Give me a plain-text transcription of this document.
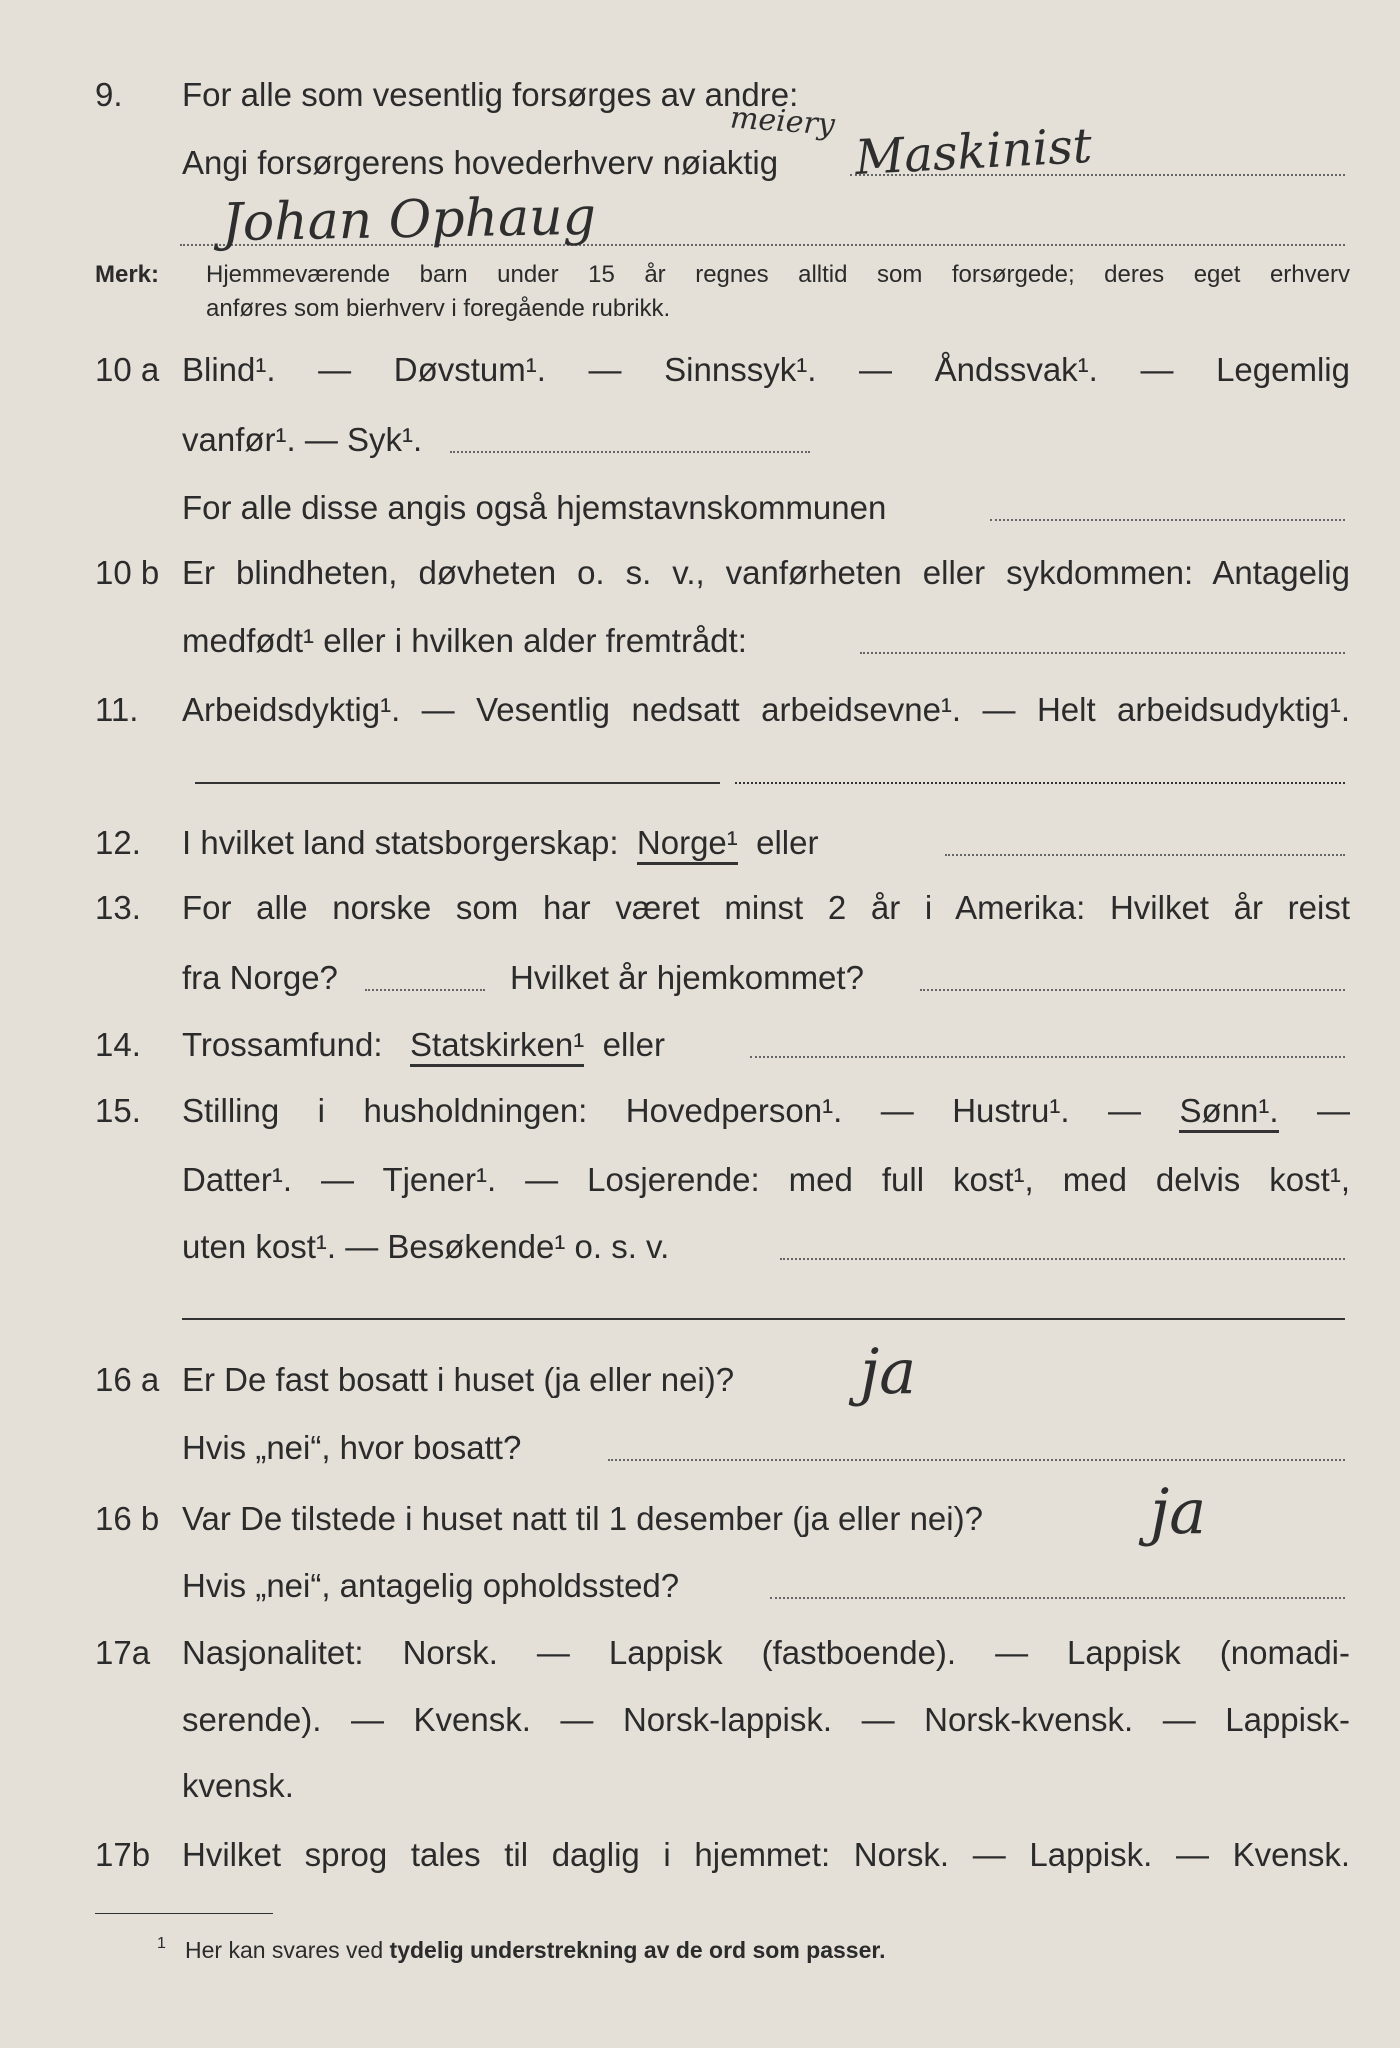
9. For alle som vesentlig forsørges av andre:
Angi forsørgerens hovederhverv nøiaktig
meiery Maskinist
Johan Ophaug
Merk: Hjemmeværende barn under 15 år regnes alltid som forsørgede; deres eget erhverv
anføres som bierhverv i foregående rubrikk.
10 a Blind¹. — Døvstum¹. — Sinnssyk¹. — Åndssvak¹. — Legemlig
vanfør¹. — Syk¹.
For alle disse angis også hjemstavnskommunen
10 b Er blindheten, døvheten o. s. v., vanførheten eller sykdommen: Antagelig
medfødt¹ eller i hvilken alder fremtrådt:
11. Arbeidsdyktig¹. — Vesentlig nedsatt arbeidsevne¹. — Helt arbeidsudyktig¹.
12. I hvilket land statsborgerskap: Norge¹ eller
13. For alle norske som har været minst 2 år i Amerika: Hvilket år reist
fra Norge?	Hvilket år hjemkommet?
14. Trossamfund: Statskirken¹ eller
15. Stilling i husholdningen: Hovedperson¹. — Hustru¹. — Sønn¹. —
Datter¹. — Tjener¹. — Losjerende: med full kost¹, med delvis kost¹,
uten kost¹. — Besøkende¹ o. s. v.
16 a Er De fast bosatt i huset (ja eller nei)? ja
Hvis „nei“, hvor bosatt?
16 b Var De tilstede i huset natt til 1 desember (ja eller nei)?	ja
Hvis „nei“, antagelig opholdssted?
17a Nasjonalitet: Norsk. — Lappisk (fastboende). — Lappisk (nomadi-
serende). — Kvensk. — Norsk-lappisk. — Norsk-kvensk. — Lappisk-
kvensk.
17b Hvilket sprog tales til daglig i hjemmet: Norsk. — Lappisk. — Kvensk.
1 Her kan svares ved tydelig understrekning av de ord som passer.
